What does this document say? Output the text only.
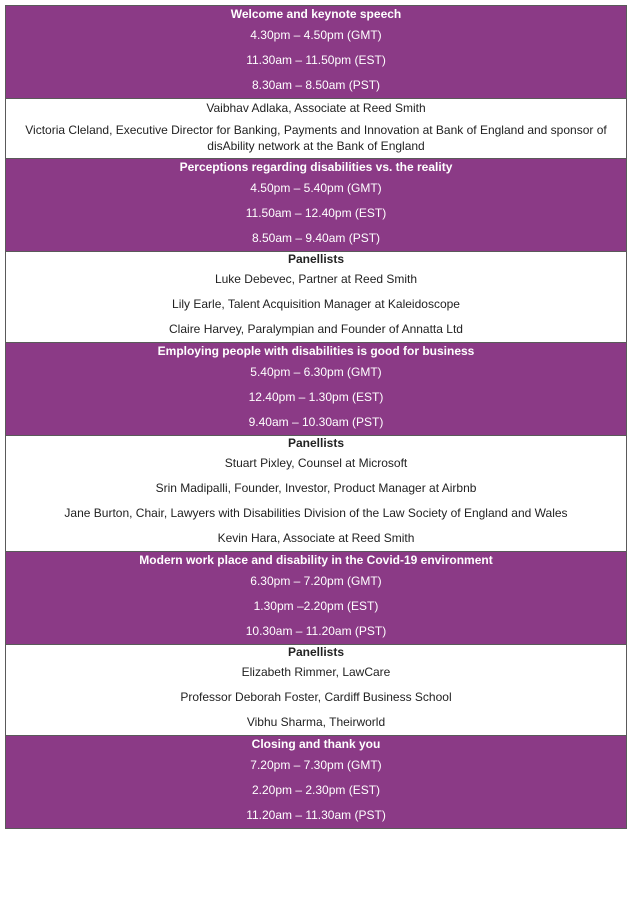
Welcome and keynote speech
4.30pm – 4.50pm (GMT)
11.30am – 11.50pm (EST)
8.30am – 8.50am (PST)
Vaibhav Adlaka, Associate at Reed Smith
Victoria Cleland, Executive Director for Banking, Payments and Innovation at Bank of England and sponsor of disAbility network at the Bank of England
Perceptions regarding disabilities vs. the reality
4.50pm – 5.40pm (GMT)
11.50am – 12.40pm (EST)
8.50am – 9.40am (PST)
Panellists
Luke Debevec, Partner at Reed Smith
Lily Earle, Talent Acquisition Manager at Kaleidoscope
Claire Harvey, Paralympian and Founder of Annatta Ltd
Employing people with disabilities is good for business
5.40pm – 6.30pm (GMT)
12.40pm – 1.30pm (EST)
9.40am – 10.30am (PST)
Panellists
Stuart Pixley, Counsel at Microsoft
Srin Madipalli, Founder, Investor, Product Manager at Airbnb
Jane Burton, Chair, Lawyers with Disabilities Division of the Law Society of England and Wales
Kevin Hara, Associate at Reed Smith
Modern work place and disability in the Covid-19 environment
6.30pm – 7.20pm (GMT)
1.30pm –2.20pm (EST)
10.30am – 11.20am (PST)
Panellists
Elizabeth Rimmer, LawCare
Professor Deborah Foster, Cardiff Business School
Vibhu Sharma, Theirworld
Closing and thank you
7.20pm – 7.30pm (GMT)
2.20pm – 2.30pm (EST)
11.20am – 11.30am (PST)
